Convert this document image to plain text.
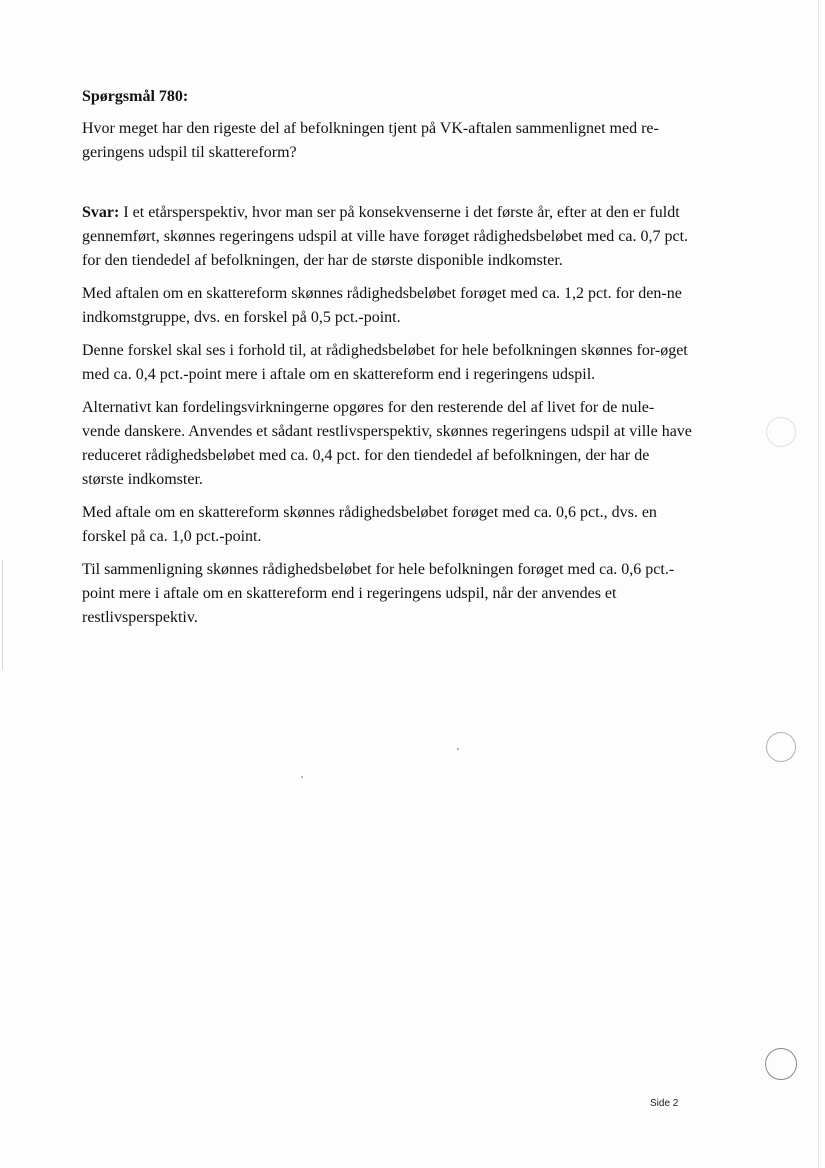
Spørgsmål 780:
Hvor meget har den rigeste del af befolkningen tjent på VK-aftalen sammenlignet med re-geringens udspil til skattereform?
Svar: I et etårsperspektiv, hvor man ser på konsekvenserne i det første år, efter at den er fuldt gennemført, skønnes regeringens udspil at ville have forøget rådighedsbeløbet med ca. 0,7 pct. for den tiendedel af befolkningen, der har de største disponible indkomster.
Med aftalen om en skattereform skønnes rådighedsbeløbet forøget med ca. 1,2 pct. for den-ne indkomstgruppe, dvs. en forskel på 0,5 pct.-point.
Denne forskel skal ses i forhold til, at rådighedsbeløbet for hele befolkningen skønnes for-øget med ca. 0,4 pct.-point mere i aftale om en skattereform end i regeringens udspil.
Alternativt kan fordelingsvirkningerne opgøres for den resterende del af livet for de nule-vende danskere. Anvendes et sådant restlivsperspektiv, skønnes regeringens udspil at ville have reduceret rådighedsbeløbet med ca. 0,4 pct. for den tiendedel af befolkningen, der har de største indkomster.
Med aftale om en skattereform skønnes rådighedsbeløbet forøget med ca. 0,6 pct., dvs. en forskel på ca. 1,0 pct.-point.
Til sammenligning skønnes rådighedsbeløbet for hele befolkningen forøget med ca. 0,6 pct.-point mere i aftale om en skattereform end i regeringens udspil, når der anvendes et restlivsperspektiv.
Side 2
